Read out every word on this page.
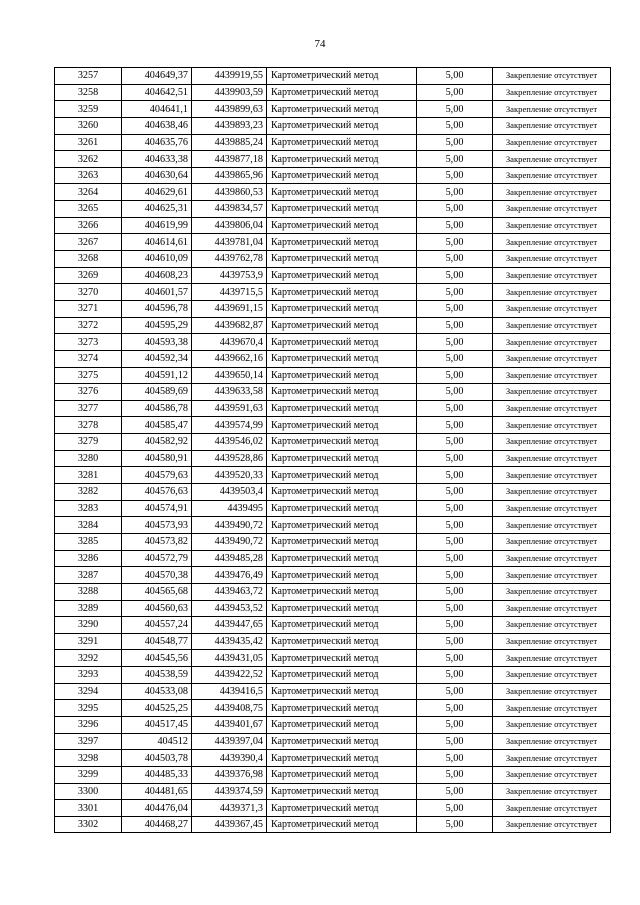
74
3257	404649,37	4439919,55	Картометрический метод	5,00	Закрепление отсутствует
3258	404642,51	4439903,59	Картометрический метод	5,00	Закрепление отсутствует
3259	404641,1	4439899,63	Картометрический метод	5,00	Закрепление отсутствует
3260	404638,46	4439893,23	Картометрический метод	5,00	Закрепление отсутствует
3261	404635,76	4439885,24	Картометрический метод	5,00	Закрепление отсутствует
3262	404633,38	4439877,18	Картометрический метод	5,00	Закрепление отсутствует
3263	404630,64	4439865,96	Картометрический метод	5,00	Закрепление отсутствует
3264	404629,61	4439860,53	Картометрический метод	5,00	Закрепление отсутствует
3265	404625,31	4439834,57	Картометрический метод	5,00	Закрепление отсутствует
3266	404619,99	4439806,04	Картометрический метод	5,00	Закрепление отсутствует
3267	404614,61	4439781,04	Картометрический метод	5,00	Закрепление отсутствует
3268	404610,09	4439762,78	Картометрический метод	5,00	Закрепление отсутствует
3269	404608,23	4439753,9	Картометрический метод	5,00	Закрепление отсутствует
3270	404601,57	4439715,5	Картометрический метод	5,00	Закрепление отсутствует
3271	404596,78	4439691,15	Картометрический метод	5,00	Закрепление отсутствует
3272	404595,29	4439682,87	Картометрический метод	5,00	Закрепление отсутствует
3273	404593,38	4439670,4	Картометрический метод	5,00	Закрепление отсутствует
3274	404592,34	4439662,16	Картометрический метод	5,00	Закрепление отсутствует
3275	404591,12	4439650,14	Картометрический метод	5,00	Закрепление отсутствует
3276	404589,69	4439633,58	Картометрический метод	5,00	Закрепление отсутствует
3277	404586,78	4439591,63	Картометрический метод	5,00	Закрепление отсутствует
3278	404585,47	4439574,99	Картометрический метод	5,00	Закрепление отсутствует
3279	404582,92	4439546,02	Картометрический метод	5,00	Закрепление отсутствует
3280	404580,91	4439528,86	Картометрический метод	5,00	Закрепление отсутствует
3281	404579,63	4439520,33	Картометрический метод	5,00	Закрепление отсутствует
3282	404576,63	4439503,4	Картометрический метод	5,00	Закрепление отсутствует
3283	404574,91	4439495	Картометрический метод	5,00	Закрепление отсутствует
3284	404573,93	4439490,72	Картометрический метод	5,00	Закрепление отсутствует
3285	404573,82	4439490,72	Картометрический метод	5,00	Закрепление отсутствует
3286	404572,79	4439485,28	Картометрический метод	5,00	Закрепление отсутствует
3287	404570,38	4439476,49	Картометрический метод	5,00	Закрепление отсутствует
3288	404565,68	4439463,72	Картометрический метод	5,00	Закрепление отсутствует
3289	404560,63	4439453,52	Картометрический метод	5,00	Закрепление отсутствует
3290	404557,24	4439447,65	Картометрический метод	5,00	Закрепление отсутствует
3291	404548,77	4439435,42	Картометрический метод	5,00	Закрепление отсутствует
3292	404545,56	4439431,05	Картометрический метод	5,00	Закрепление отсутствует
3293	404538,59	4439422,52	Картометрический метод	5,00	Закрепление отсутствует
3294	404533,08	4439416,5	Картометрический метод	5,00	Закрепление отсутствует
3295	404525,25	4439408,75	Картометрический метод	5,00	Закрепление отсутствует
3296	404517,45	4439401,67	Картометрический метод	5,00	Закрепление отсутствует
3297	404512	4439397,04	Картометрический метод	5,00	Закрепление отсутствует
3298	404503,78	4439390,4	Картометрический метод	5,00	Закрепление отсутствует
3299	404485,33	4439376,98	Картометрический метод	5,00	Закрепление отсутствует
3300	404481,65	4439374,59	Картометрический метод	5,00	Закрепление отсутствует
3301	404476,04	4439371,3	Картометрический метод	5,00	Закрепление отсутствует
3302	404468,27	4439367,45	Картометрический метод	5,00	Закрепление отсутствует
